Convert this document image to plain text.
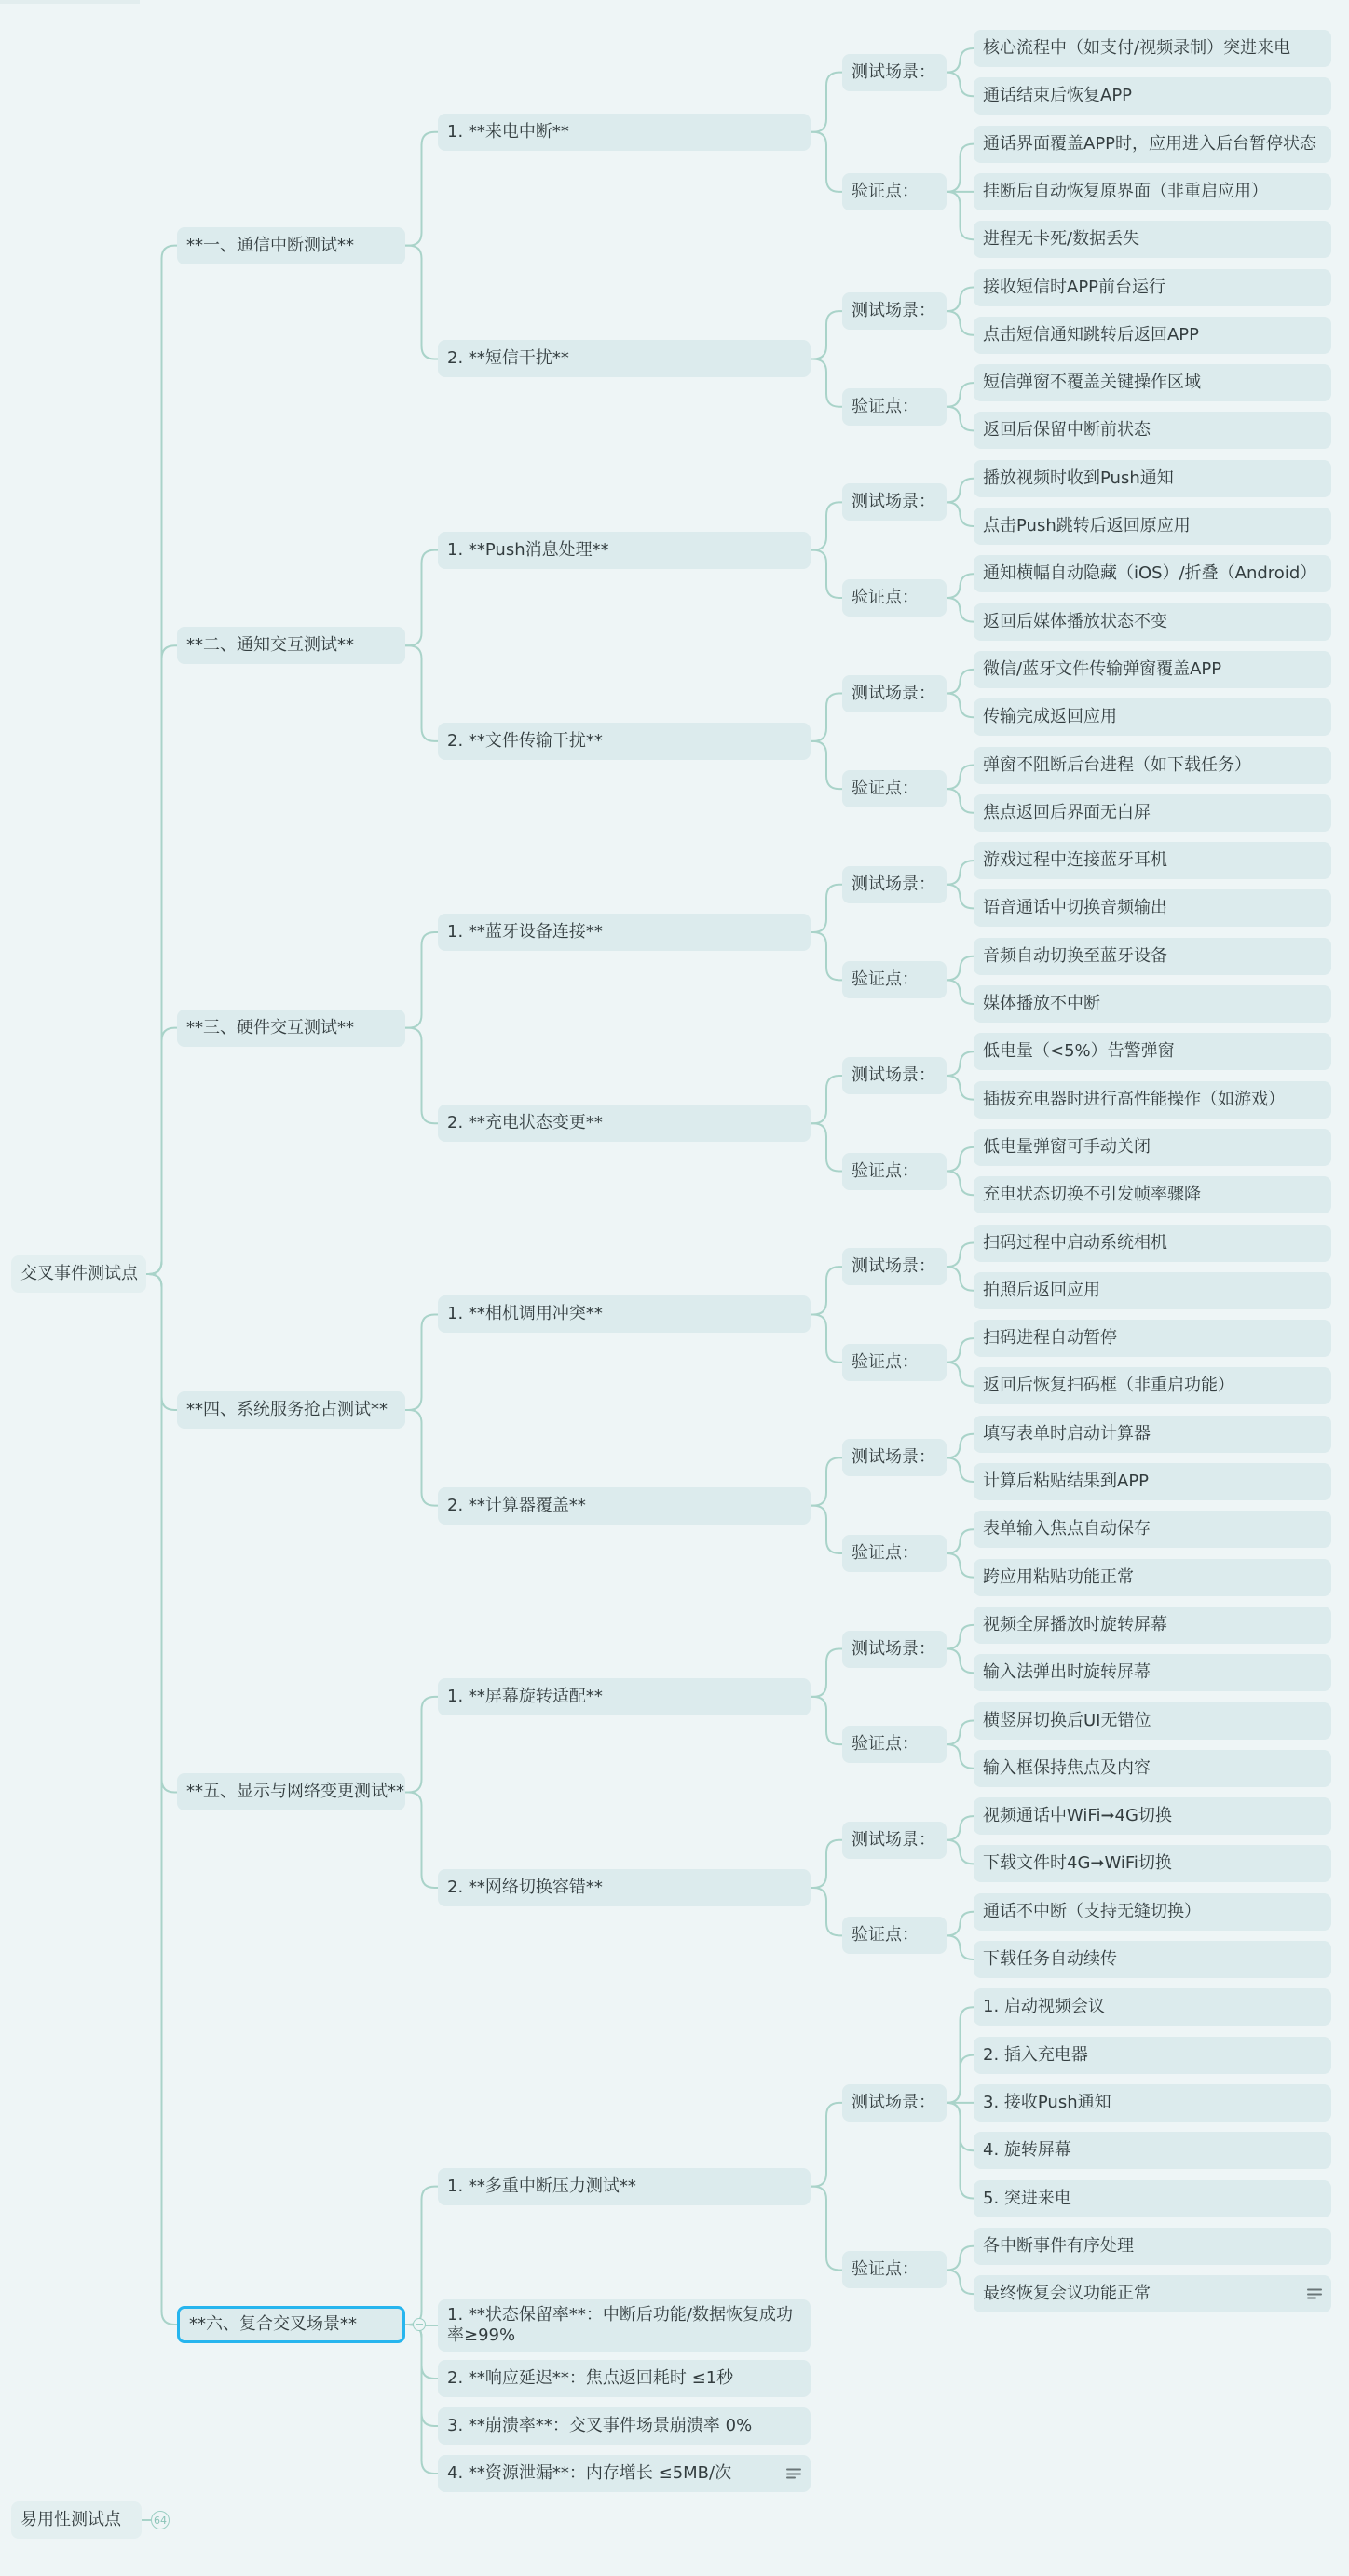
核心流程中（如支付/视频录制）突进来电
通话结束后恢复APP
测试场景：
通话界面覆盖APP时，应用进入后台暂停状态
挂断后自动恢复原界面（非重启应用）
进程无卡死/数据丢失
验证点：
1. **来电中断**
接收短信时APP前台运行
点击短信通知跳转后返回APP
测试场景：
短信弹窗不覆盖关键操作区域
返回后保留中断前状态
验证点：
2. **短信干扰**
**一、通信中断测试**
播放视频时收到Push通知
点击Push跳转后返回原应用
测试场景：
通知横幅自动隐藏（iOS）/折叠（Android）
返回后媒体播放状态不变
验证点：
1. **Push消息处理**
微信/蓝牙文件传输弹窗覆盖APP
传输完成返回应用
测试场景：
弹窗不阻断后台进程（如下载任务）
焦点返回后界面无白屏
验证点：
2. **文件传输干扰**
**二、通知交互测试**
游戏过程中连接蓝牙耳机
语音通话中切换音频输出
测试场景：
音频自动切换至蓝牙设备
媒体播放不中断
验证点：
1. **蓝牙设备连接**
低电量（<5%）告警弹窗
插拔充电器时进行高性能操作（如游戏）
测试场景：
低电量弹窗可手动关闭
充电状态切换不引发帧率骤降
验证点：
2. **充电状态变更**
**三、硬件交互测试**
扫码过程中启动系统相机
拍照后返回应用
测试场景：
扫码进程自动暂停
返回后恢复扫码框（非重启功能）
验证点：
1. **相机调用冲突**
填写表单时启动计算器
计算后粘贴结果到APP
测试场景：
表单输入焦点自动保存
跨应用粘贴功能正常
验证点：
2. **计算器覆盖**
**四、系统服务抢占测试**
视频全屏播放时旋转屏幕
输入法弹出时旋转屏幕
测试场景：
横竖屏切换后UI无错位
输入框保持焦点及内容
验证点：
1. **屏幕旋转适配**
视频通话中WiFi➞4G切换
下载文件时4G➞WiFi切换
测试场景：
通话不中断（支持无缝切换）
下载任务自动续传
验证点：
2. **网络切换容错**
**五、显示与网络变更测试**
1. 启动视频会议
2. 插入充电器
3. 接收Push通知
4. 旋转屏幕
5. 突进来电
测试场景：
各中断事件有序处理
最终恢复会议功能正常
验证点：
1. **多重中断压力测试**
1. **状态保留率**：中断后功能/数据恢复成功率≥99%
2. **响应延迟**：焦点返回耗时 ≤1秒
3. **崩溃率**：交叉事件场景崩溃率 0%
4. **资源泄漏**：内存增长 ≤5MB/次
**六、复合交叉场景**
交叉事件测试点
易用性测试点	64
